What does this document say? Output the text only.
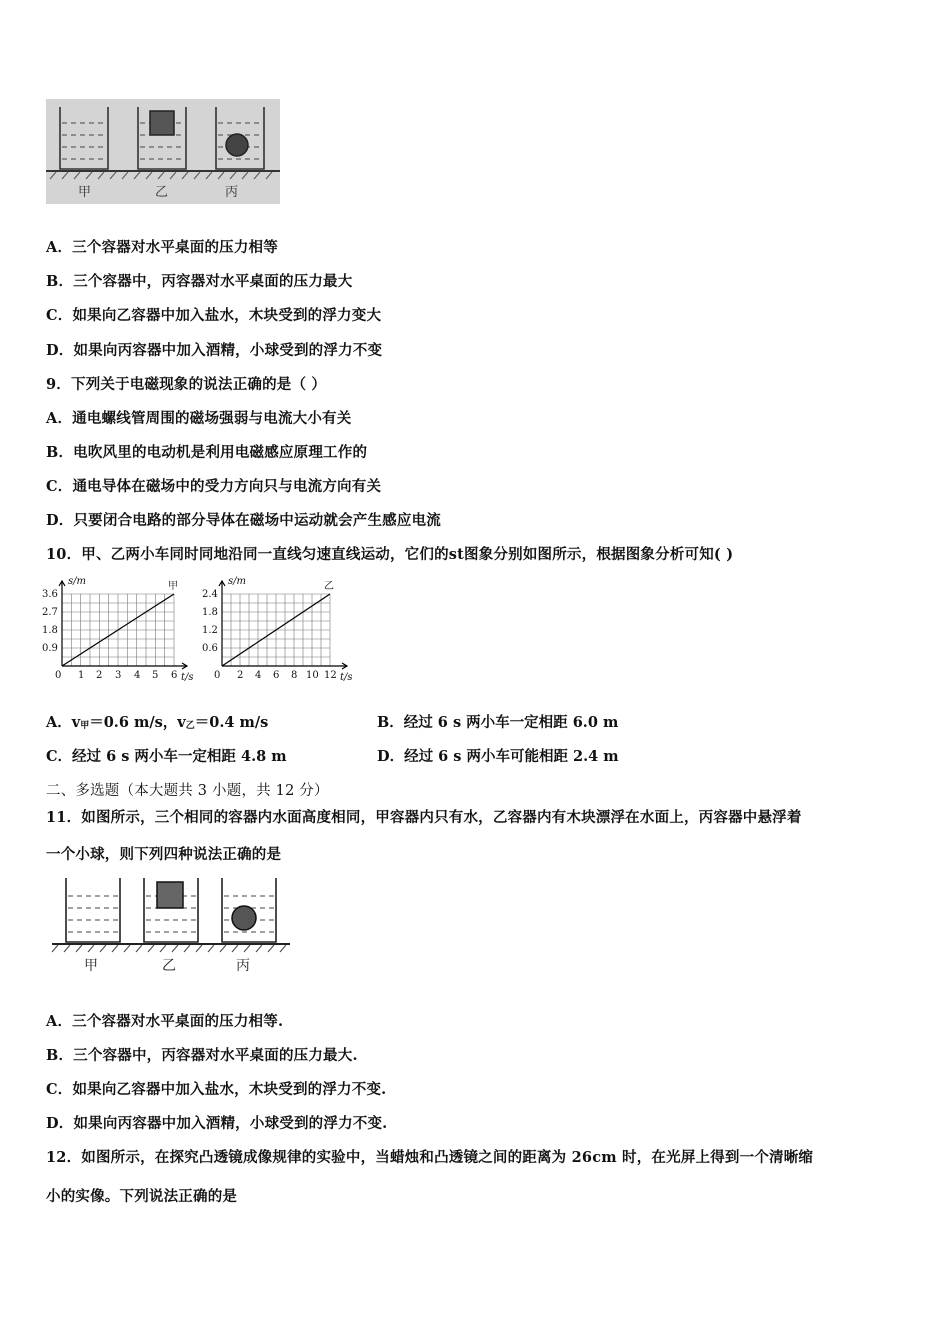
甲	乙	丙
A．三个容器对水平桌面的压力相等
B．三个容器中，丙容器对水平桌面的压力最大
C．如果向乙容器中加入盐水，木块受到的浮力变大
D．如果向丙容器中加入酒精，小球受到的浮力不变
9．下列关于电磁现象的说法正确的是（ ）
A．通电螺线管周围的磁场强弱与电流大小有关
B．电吹风里的电动机是利用电磁感应原理工作的
C．通电导体在磁场中的受力方向只与电流方向有关
D．只要闭合电路的部分导体在磁场中运动就会产生感应电流
10．甲、乙两小车同时同地沿同一直线匀速直线运动，它们的st图象分别如图所示，根据图象分析可知( )
s/m	甲
3.6
2.7
1.8
0.9
0 1 2 3 4 5 6 t/s
s/m	乙
2.4
1.8
1.2
0.6
0 2 4 6 8 10 12 t/s
A．v甲＝0.6 m/s，v乙＝0.4 m/s	B．经过 6 s 两小车一定相距 6.0 m
C．经过 6 s 两小车一定相距 4.8 m	D．经过 6 s 两小车可能相距 2.4 m
二、多选题（本大题共 3 小题，共 12 分）
11．如图所示，三个相同的容器内水面高度相同，甲容器内只有水，乙容器内有木块漂浮在水面上，丙容器中悬浮着
一个小球，则下列四种说法正确的是
甲	乙	丙
A．三个容器对水平桌面的压力相等.
B．三个容器中，丙容器对水平桌面的压力最大.
C．如果向乙容器中加入盐水，木块受到的浮力不变.
D．如果向丙容器中加入酒精，小球受到的浮力不变.
12．如图所示，在探究凸透镜成像规律的实验中，当蜡烛和凸透镜之间的距离为 26cm 时，在光屏上得到一个清晰缩
小的实像。下列说法正确的是
